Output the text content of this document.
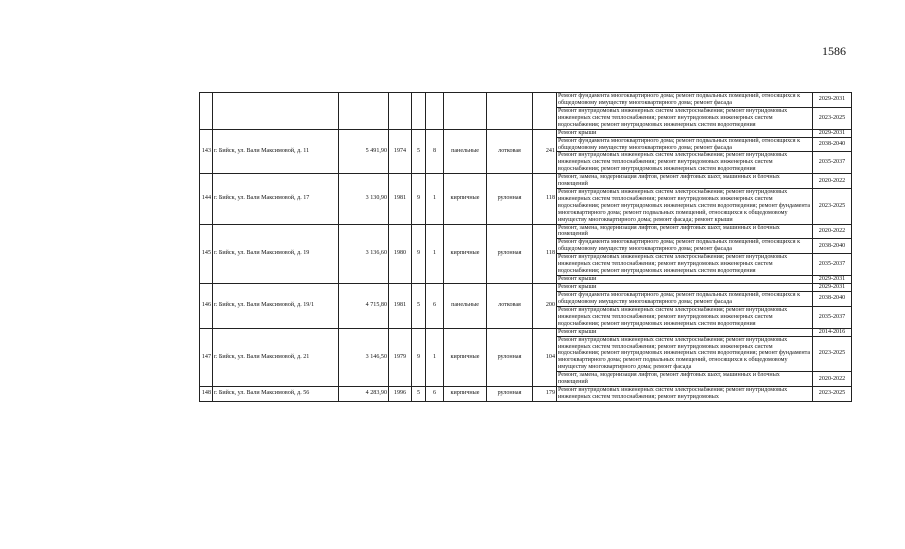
1586
									Ремонт фундамента многоквартирного дома; ремонт подвальных помещений, относящихся к общедомовому имуществу многоквартирного дома; ремонт фасада	2029-2031
									Ремонт внутридомовых инженерных систем электроснабжения; ремонт внутридомовых инженерных систем теплоснабжения; ремонт внутридомовых инженерных систем водоснабжения; ремонт внутридомовых инженерных систем водоотведения	2023-2025
143	г. Бийск, ул. Вали Максимовой, д. 11	5 491,90	1974	5	8	панельные	лотковая	241	Ремонт крыши	2029-2031
									Ремонт фундамента многоквартирного дома; ремонт подвальных помещений, относящихся к общедомовому имуществу многоквартирного дома; ремонт фасада	2038-2040
									Ремонт внутридомовых инженерных систем электроснабжения; ремонт внутридомовых инженерных систем теплоснабжения; ремонт внутридомовых инженерных систем водоснабжения; ремонт внутридомовых инженерных систем водоотведения	2035-2037
144	г. Бийск, ул. Вали Максимовой, д. 17	3 130,90	1981	9	1	кирпичные	рулонная	118	Ремонт, замена, модернизация лифтов, ремонт лифтовых шахт, машинных и блочных помещений	2020-2022
									Ремонт внутридомовых инженерных систем электроснабжения; ремонт внутридомовых инженерных систем теплоснабжения; ремонт внутридомовых инженерных систем водоснабжения; ремонт внутридомовых инженерных систем водоотведения; ремонт фундамента многоквартирного дома; ремонт подвальных помещений, относящихся к общедомовому имуществу многоквартирного дома; ремонт фасада; ремонт крыши	2023-2025
145	г. Бийск, ул. Вали Максимовой, д. 19	3 136,60	1980	9	1	кирпичные	рулонная	118	Ремонт, замена, модернизация лифтов, ремонт лифтовых шахт, машинных и блочных помещений	2020-2022
									Ремонт фундамента многоквартирного дома; ремонт подвальных помещений, относящихся к общедомовому имуществу многоквартирного дома; ремонт фасада	2038-2040
									Ремонт внутридомовых инженерных систем электроснабжения; ремонт внутридомовых инженерных систем теплоснабжения; ремонт внутридомовых инженерных систем водоснабжения; ремонт внутридомовых инженерных систем водоотведения	2035-2037
									Ремонт крыши	2029-2031
146	г. Бийск, ул. Вали Максимовой, д. 19/1	4 715,80	1981	5	6	панельные	лотковая	200	Ремонт крыши	2029-2031
									Ремонт фундамента многоквартирного дома; ремонт подвальных помещений, относящихся к общедомовому имуществу многоквартирного дома; ремонт фасада	2038-2040
									Ремонт внутридомовых инженерных систем электроснабжения; ремонт внутридомовых инженерных систем теплоснабжения; ремонт внутридомовых инженерных систем водоснабжения; ремонт внутридомовых инженерных систем водоотведения	2035-2037
147	г. Бийск, ул. Вали Максимовой, д. 21	3 146,50	1979	9	1	кирпичные	рулонная	104	Ремонт крыши	2014-2016
									Ремонт внутридомовых инженерных систем электроснабжения; ремонт внутридомовых инженерных систем теплоснабжения; ремонт внутридомовых инженерных систем водоснабжения; ремонт внутридомовых инженерных систем водоотведения; ремонт фундамента многоквартирного дома; ремонт подвальных помещений, относящихся к общедомовому имуществу многоквартирного дома; ремонт фасада	2023-2025
									Ремонт, замена, модернизация лифтов, ремонт лифтовых шахт, машинных и блочных помещений	2020-2022
148	г. Бийск, ул. Вали Максимовой, д. 56	4 283,90	1996	5	6	кирпичные	рулонная	179	Ремонт внутридомовых инженерных систем электроснабжения; ремонт внутридомовых инженерных систем теплоснабжения; ремонт внутридомовых	2023-2025
